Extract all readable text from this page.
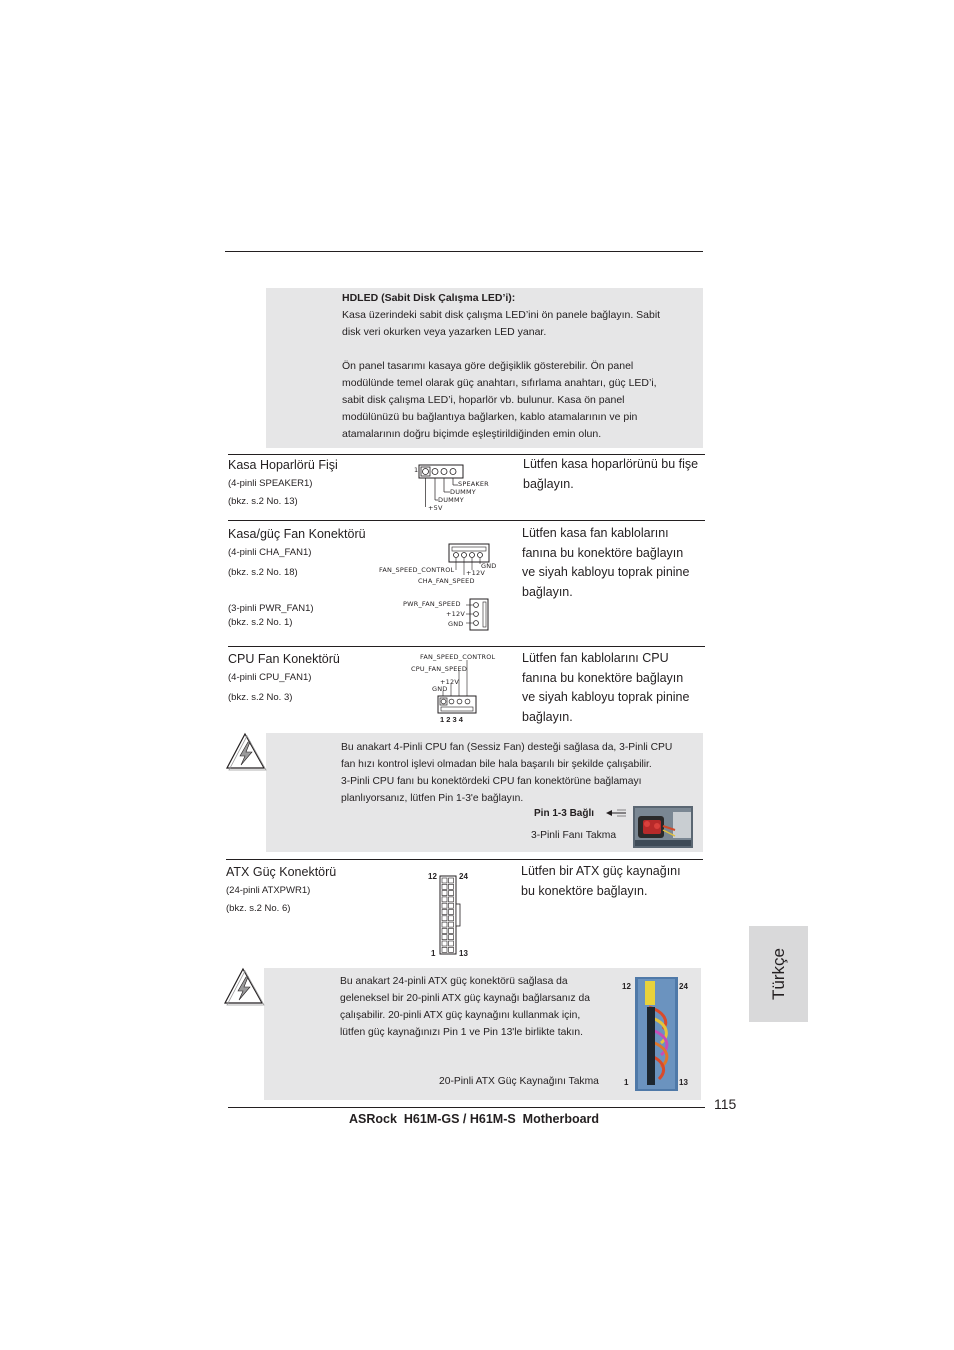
HDLED (Sabit Disk Çalışma LED’i):
Kasa üzerindeki sabit disk çalışma LED’ini ön panele bağlayın. Sabit
disk veri okurken veya yazarken LED yanar.
Ön panel tasarımı kasaya göre değişiklik gösterebilir. Ön panel
modülünde temel olarak güç anahtarı, sıfırlama anahtarı, güç LED’i,
sabit disk çalışma LED’i, hoparlör vb. bulunur. Kasa ön panel
modülünüzü bu bağlantıya bağlarken, kablo atamalarının ve pin
atamalarının doğru biçimde eşleştirildiğinden emin olun.
Kasa Hoparlörü Fişi
(4-pinli SPEAKER1)
(bkz. s.2 No. 13)
1
SPEAKER
DUMMY
DUMMY
+5V
Lütfen kasa hoparlörünü bu fişe
bağlayın.
Kasa/güç Fan Konektörü
(4-pinli CHA_FAN1)
(bkz. s.2 No. 18)
(3-pinli PWR_FAN1)
(bkz. s.2 No. 1)
GND
+12V
FAN_SPEED_CONTROL
CHA_FAN_SPEED
PWR_FAN_SPEED
+12V
GND
Lütfen kasa fan kablolarını
fanına bu konektöre bağlayın
ve siyah kabloyu toprak pinine
bağlayın.
CPU Fan Konektörü
(4-pinli CPU_FAN1)
(bkz. s.2 No. 3)
FAN_SPEED_CONTROL
CPU_FAN_SPEED
+12V
GND
1 2 3 4
Lütfen fan kablolarını CPU
fanına bu konektöre bağlayın
ve siyah kabloyu toprak pinine
bağlayın.
Bu anakart 4-Pinli CPU fan (Sessiz Fan) desteği sağlasa da, 3-Pinli CPU
fan hızı kontrol işlevi olmadan bile hala başarılı bir şekilde çalışabilir.
3-Pinli CPU fanı bu konektördeki CPU fan konektörüne bağlamayı
planlıyorsanız, lütfen Pin 1-3'e bağlayın.
Pin 1-3 Bağlı
3-Pinli Fanı Takma
ATX Güç Konektörü
(24-pinli ATXPWR1)
(bkz. s.2 No. 6)
12	24
1	13
Lütfen bir ATX güç kaynağını
bu konektöre bağlayın.
Bu anakart 24-pinli ATX güç konektörü sağlasa da
geleneksel bir 20-pinli ATX güç kaynağı bağlarsanız da
çalışabilir. 20-pinli ATX güç kaynağını kullanmak için,
lütfen güç kaynağınızı Pin 1 ve Pin 13'le birlikte takın.
20-Pinli ATX Güç Kaynağını Takma
12	24
1	13
Türkçe
115
ASRock  H61M-GS / H61M-S  Motherboard
